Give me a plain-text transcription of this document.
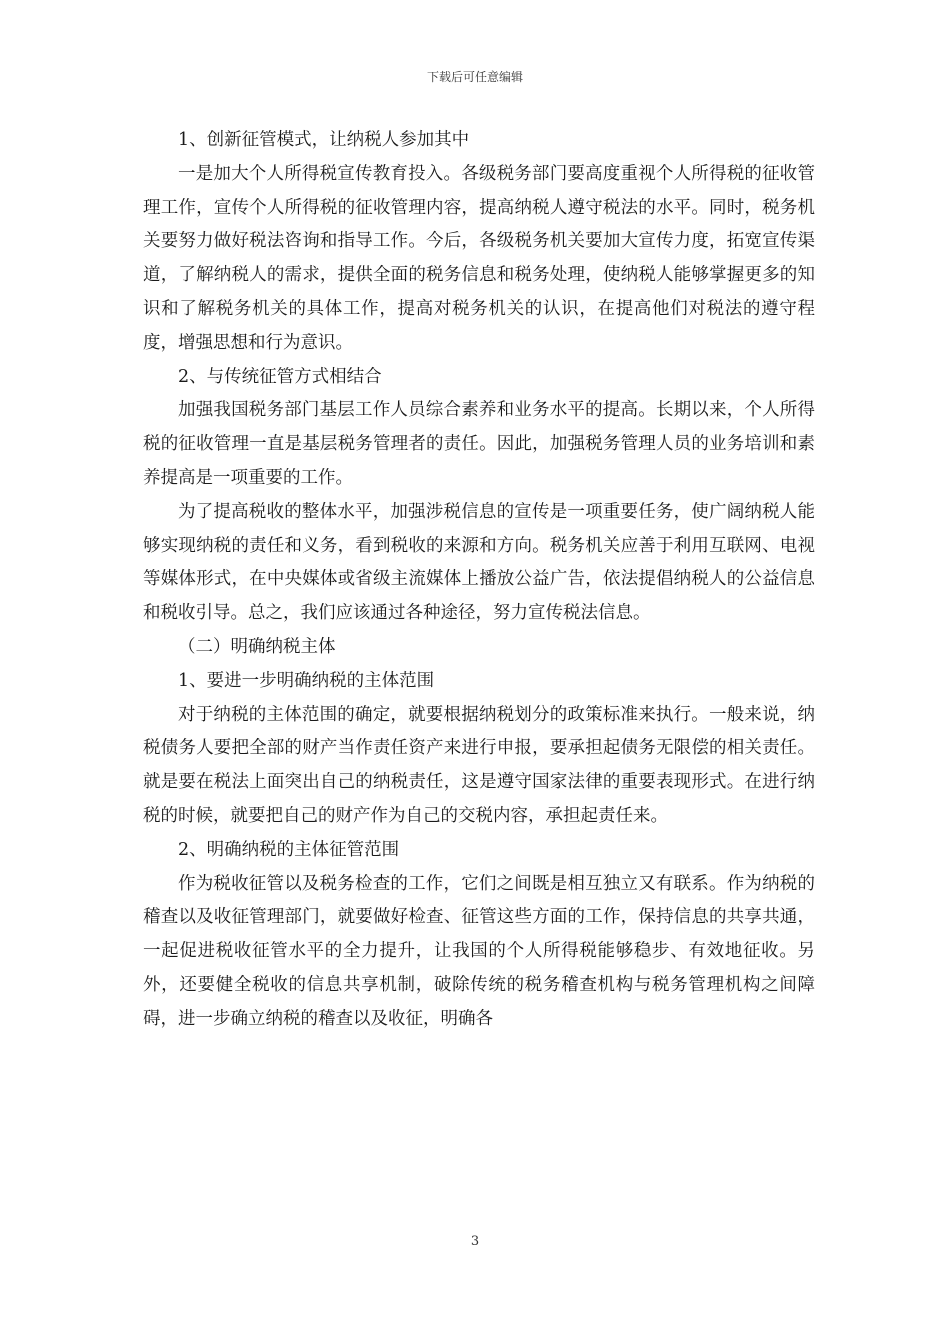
下载后可任意编辑

1、创新征管模式，让纳税人参加其中

一是加大个人所得税宣传教育投入。各级税务部门要高度重视个人所得税的征收管理工作，宣传个人所得税的征收管理内容，提高纳税人遵守税法的水平。同时，税务机关要努力做好税法咨询和指导工作。今后，各级税务机关要加大宣传力度，拓宽宣传渠道，了解纳税人的需求，提供全面的税务信息和税务处理，使纳税人能够掌握更多的知识和了解税务机关的具体工作，提高对税务机关的认识，在提高他们对税法的遵守程度，增强思想和行为意识。

2、与传统征管方式相结合

加强我国税务部门基层工作人员综合素养和业务水平的提高。长期以来，个人所得税的征收管理一直是基层税务管理者的责任。因此，加强税务管理人员的业务培训和素养提高是一项重要的工作。

为了提高税收的整体水平，加强涉税信息的宣传是一项重要任务，使广阔纳税人能够实现纳税的责任和义务，看到税收的来源和方向。税务机关应善于利用互联网、电视等媒体形式，在中央媒体或省级主流媒体上播放公益广告，依法提倡纳税人的公益信息和税收引导。总之，我们应该通过各种途径，努力宣传税法信息。

（二）明确纳税主体

1、要进一步明确纳税的主体范围

对于纳税的主体范围的确定，就要根据纳税划分的政策标准来执行。一般来说，纳税债务人要把全部的财产当作责任资产来进行申报，要承担起债务无限偿的相关责任。就是要在税法上面突出自己的纳税责任，这是遵守国家法律的重要表现形式。在进行纳税的时候，就要把自己的财产作为自己的交税内容，承担起责任来。

2、明确纳税的主体征管范围

作为税收征管以及税务检查的工作，它们之间既是相互独立又有联系。作为纳税的稽查以及收征管理部门，就要做好检查、征管这些方面的工作，保持信息的共享共通，一起促进税收征管水平的全力提升，让我国的个人所得税能够稳步、有效地征收。另外，还要健全税收的信息共享机制，破除传统的税务稽查机构与税务管理机构之间障碍，进一步确立纳税的稽查以及收征，明确各

3
